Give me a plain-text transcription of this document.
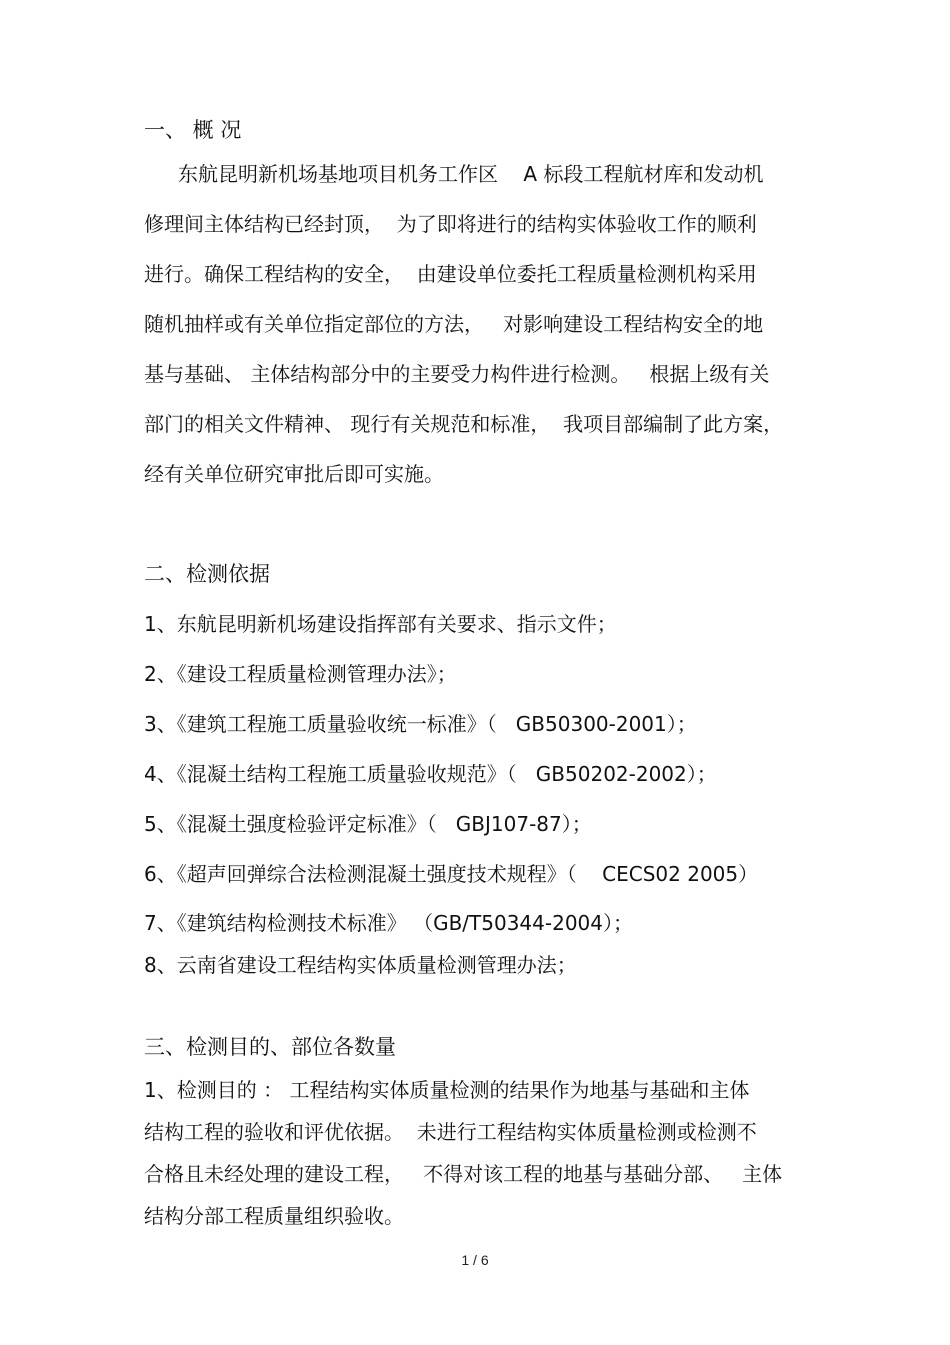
一、 概 况
东航昆明新机场基地项目机务工作区    A 标段工程航材库和发动机
修理间主体结构已经封顶，  为了即将进行的结构实体验收工作的顺利
进行。确保工程结构的安全，  由建设单位委托工程质量检测机构采用
随机抽样或有关单位指定部位的方法，   对影响建设工程结构安全的地
基与基础、 主体结构部分中的主要受力构件进行检测。   根据上级有关
部门的相关文件精神、 现行有关规范和标准，  我项目部编制了此方案，
经有关单位研究审批后即可实施。
二、检测依据
1、东航昆明新机场建设指挥部有关要求、指示文件；
2、《建设工程质量检测管理办法》；
3、《建筑工程施工质量验收统一标准》（   GB50300-2001）；
4、《混凝土结构工程施工质量验收规范》（   GB50202-2002）；
5、《混凝土强度检验评定标准》（   GBJ107-87）；
6、《超声回弹综合法检测混凝土强度技术规程》（    CECS02 2005）
7、《建筑结构检测技术标准》 （GB/T50344-2004）；
8、云南省建设工程结构实体质量检测管理办法；
三、检测目的、部位各数量
1、检测目的 ： 工程结构实体质量检测的结果作为地基与基础和主体
结构工程的验收和评优依据。  未进行工程结构实体质量检测或检测不
合格且未经处理的建设工程，   不得对该工程的地基与基础分部、   主体
结构分部工程质量组织验收。
1 / 6
